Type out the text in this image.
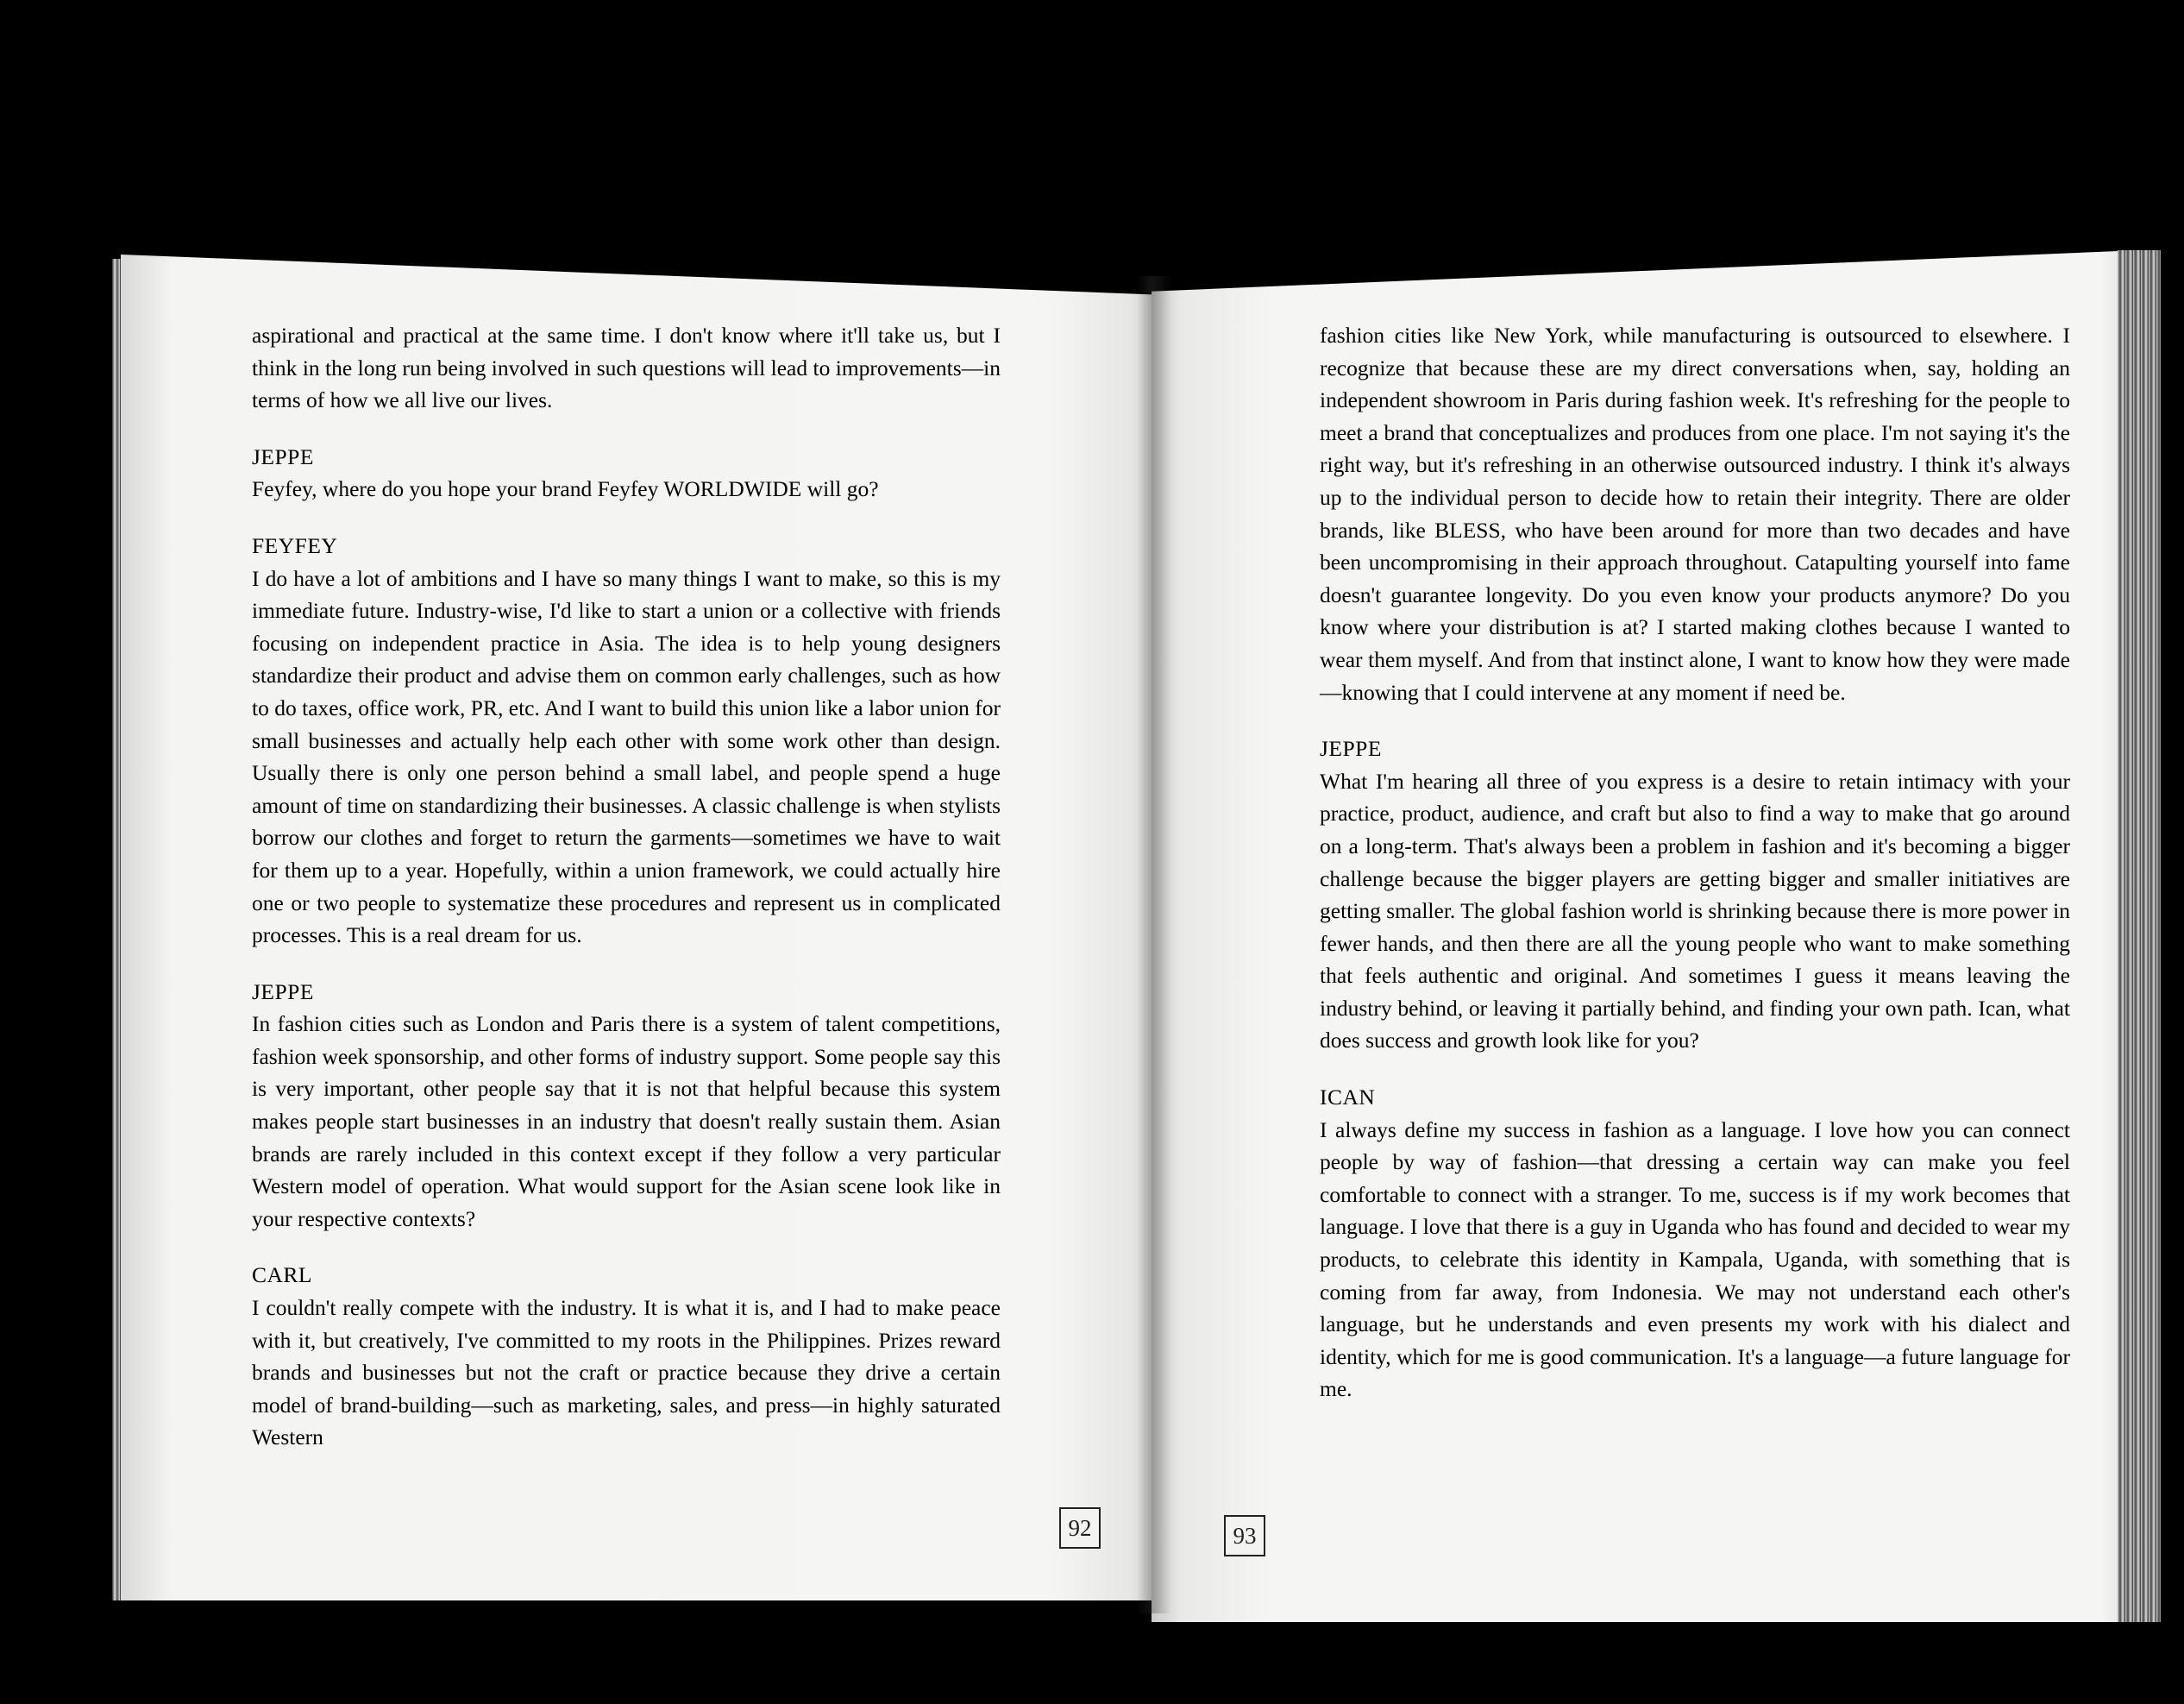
aspirational and practical at the same time. I don't know where it'll take us, but I think in the long run being involved in such questions will lead to improvements—in terms of how we all live our lives.

JEPPE

Feyfey, where do you hope your brand Feyfey WORLDWIDE will go?

FEYFEY

I do have a lot of ambitions and I have so many things I want to make, so this is my immediate future. Industry-wise, I'd like to start a union or a collective with friends focusing on independent practice in Asia. The idea is to help young designers standardize their product and advise them on common early challenges, such as how to do taxes, office work, PR, etc. And I want to build this union like a labor union for small businesses and actually help each other with some work other than design. Usually there is only one person behind a small label, and people spend a huge amount of time on standardizing their businesses. A classic challenge is when stylists borrow our clothes and forget to return the garments—sometimes we have to wait for them up to a year. Hopefully, within a union framework, we could actually hire one or two people to systematize these procedures and represent us in complicated processes. This is a real dream for us.

JEPPE

In fashion cities such as London and Paris there is a system of talent competitions, fashion week sponsorship, and other forms of industry support. Some people say this is very important, other people say that it is not that helpful because this system makes people start businesses in an industry that doesn't really sustain them. Asian brands are rarely included in this context except if they follow a very particular Western model of operation. What would support for the Asian scene look like in your respective contexts?

CARL

I couldn't really compete with the industry. It is what it is, and I had to make peace with it, but creatively, I've committed to my roots in the Philippines. Prizes reward brands and businesses but not the craft or practice because they drive a certain model of brand-building—such as marketing, sales, and press—in highly saturated Western

fashion cities like New York, while manufacturing is outsourced to elsewhere. I recognize that because these are my direct conversations when, say, holding an independent showroom in Paris during fashion week. It's refreshing for the people to meet a brand that conceptualizes and produces from one place. I'm not saying it's the right way, but it's refreshing in an otherwise outsourced industry. I think it's always up to the individual person to decide how to retain their integrity. There are older brands, like BLESS, who have been around for more than two decades and have been uncompromising in their approach throughout. Catapulting yourself into fame doesn't guarantee longevity. Do you even know your products anymore? Do you know where your distribution is at? I started making clothes because I wanted to wear them myself. And from that instinct alone, I want to know how they were made—knowing that I could intervene at any moment if need be.

JEPPE

What I'm hearing all three of you express is a desire to retain intimacy with your practice, product, audience, and craft but also to find a way to make that go around on a long-term. That's always been a problem in fashion and it's becoming a bigger challenge because the bigger players are getting bigger and smaller initiatives are getting smaller. The global fashion world is shrinking because there is more power in fewer hands, and then there are all the young people who want to make something that feels authentic and original. And sometimes I guess it means leaving the industry behind, or leaving it partially behind, and finding your own path. Ican, what does success and growth look like for you?

ICAN

I always define my success in fashion as a language. I love how you can connect people by way of fashion—that dressing a certain way can make you feel comfortable to connect with a stranger. To me, success is if my work becomes that language. I love that there is a guy in Uganda who has found and decided to wear my products, to celebrate this identity in Kampala, Uganda, with something that is coming from far away, from Indonesia. We may not understand each other's language, but he understands and even presents my work with his dialect and identity, which for me is good communication. It's a language—a future language for me.

92	93
